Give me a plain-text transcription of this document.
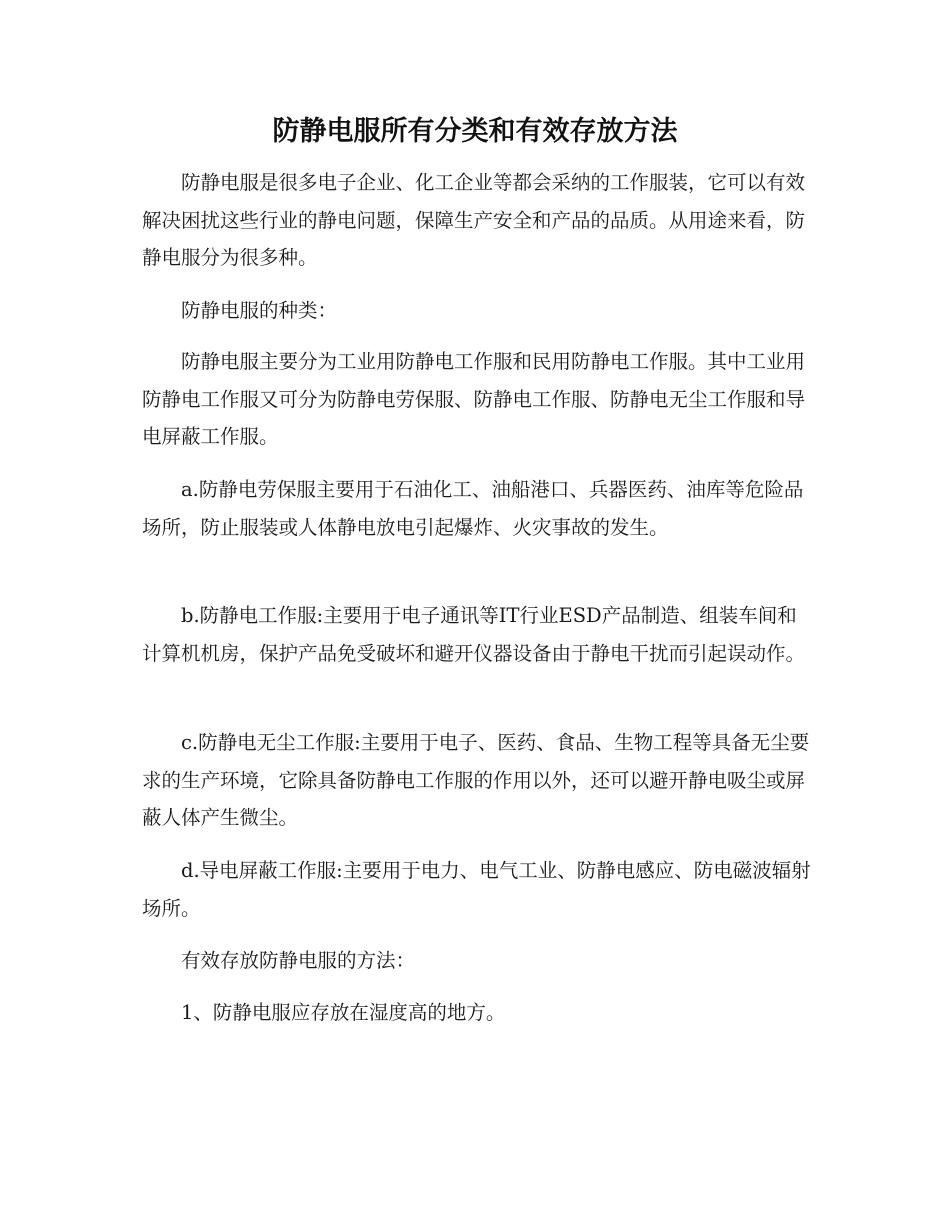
防静电服所有分类和有效存放方法

防静电服是很多电子企业、化工企业等都会采纳的工作服装，它可以有效解决困扰这些行业的静电问题，保障生产安全和产品的品质。从用途来看，防静电服分为很多种。

防静电服的种类：

防静电服主要分为工业用防静电工作服和民用防静电工作服。其中工业用防静电工作服又可分为防静电劳保服、防静电工作服、防静电无尘工作服和导电屏蔽工作服。

a.防静电劳保服主要用于石油化工、油船港口、兵器医药、油库等危险品场所，防止服装或人体静电放电引起爆炸、火灾事故的发生。

b.防静电工作服:主要用于电子通讯等IT行业ESD产品制造、组装车间和计算机机房，保护产品免受破坏和避开仪器设备由于静电干扰而引起误动作。

c.防静电无尘工作服:主要用于电子、医药、食品、生物工程等具备无尘要求的生产环境，它除具备防静电工作服的作用以外，还可以避开静电吸尘或屏蔽人体产生微尘。

d.导电屏蔽工作服:主要用于电力、电气工业、防静电感应、防电磁波辐射场所。

有效存放防静电服的方法：

1、防静电服应存放在湿度高的地方。
